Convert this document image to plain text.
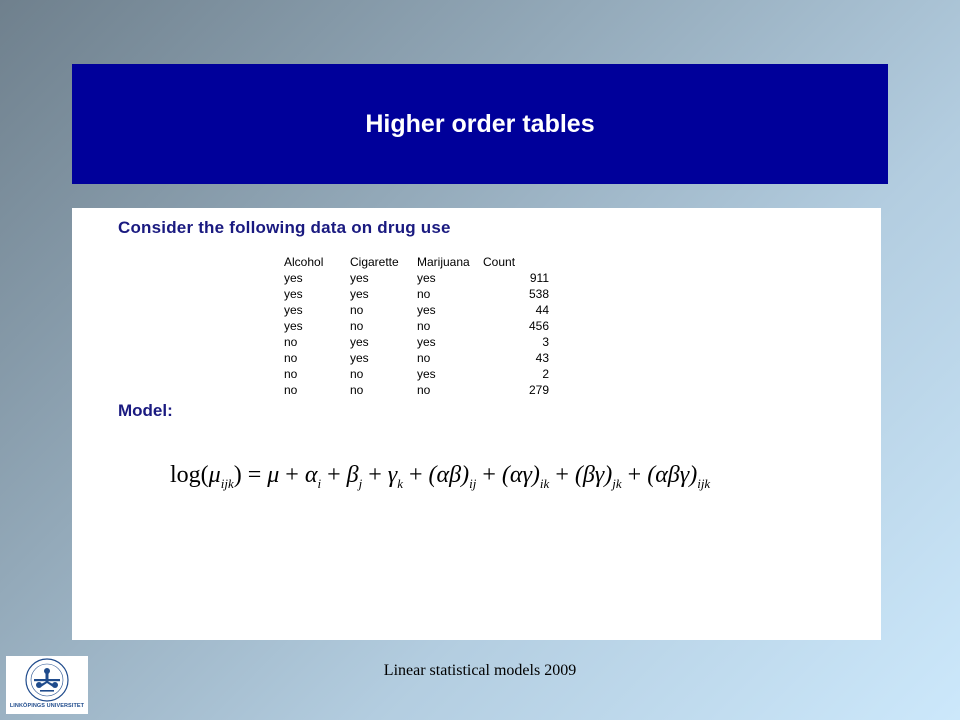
Higher order tables

Consider the following data on drug use

Alcohol	Cigarette	Marijuana	Count
yes	yes	yes	911
yes	yes	no	538
yes	no	yes	44
yes	no	no	456
no	yes	yes	3
no	yes	no	43
no	no	yes	2
no	no	no	279

Model:

$\log(\mu_{ijk}) = \mu + \alpha_i + \beta_j + \gamma_k + (\alpha\beta)_{ij} + (\alpha\gamma)_{ik} + (\beta\gamma)_{jk} + (\alpha\beta\gamma)_{ijk}$
LINKÖPINGS UNIVERSITET
Linear statistical models 2009
